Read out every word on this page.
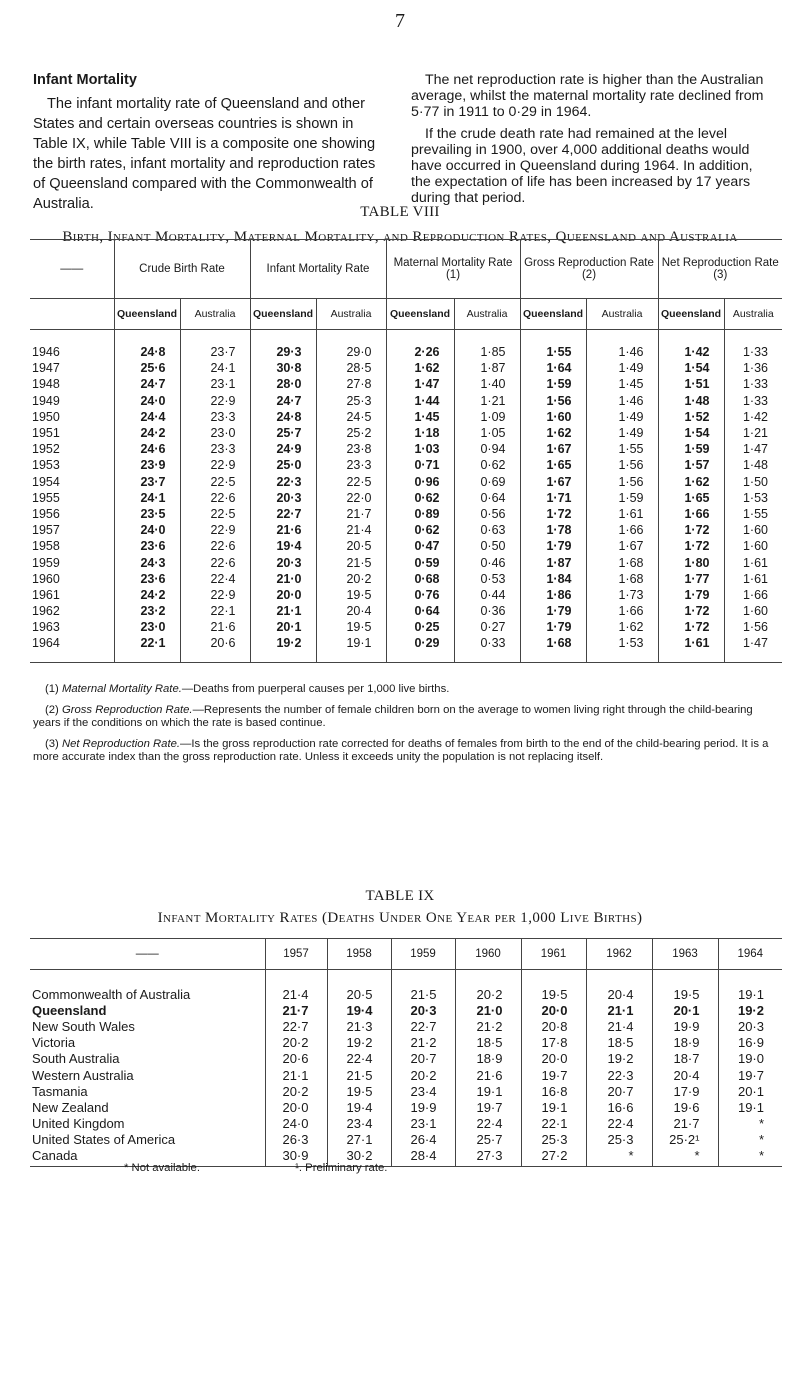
7
Infant Mortality

The infant mortality rate of Queensland and other States and certain overseas countries is shown in Table IX, while Table VIII is a composite one showing the birth rates, infant mortality and reproduction rates of Queensland compared with the Commonwealth of Australia.

The net reproduction rate is higher than the Australian average, whilst the maternal mortality rate declined from 5·77 in 1911 to 0·29 in 1964.

If the crude death rate had remained at the level prevailing in 1900, over 4,000 additional deaths would have occurred in Queensland during 1964. In addition, the expectation of life has been increased by 17 years during that period.

TABLE VIII
Birth, Infant Mortality, Maternal Mortality, and Reproduction Rates, Queensland and Australia
——	Crude Birth Rate		Infant Mortality Rate		Maternal Mortality Rate (1)		Gross Reproduction Rate (2)		Net Reproduction Rate (3)	
	Queensland	Australia	Queensland	Australia	Queensland	Australia	Queensland	Australia	Queensland	Australia
1946	24·8	23·7	29·3	29·0	2·26	1·85	1·55	1·46	1·42	1·33
1947	25·6	24·1	30·8	28·5	1·62	1·87	1·64	1·49	1·54	1·36
1948	24·7	23·1	28·0	27·8	1·47	1·40	1·59	1·45	1·51	1·33
1949	24·0	22·9	24·7	25·3	1·44	1·21	1·56	1·46	1·48	1·33
1950	24·4	23·3	24·8	24·5	1·45	1·09	1·60	1·49	1·52	1·42
1951	24·2	23·0	25·7	25·2	1·18	1·05	1·62	1·49	1·54	1·21
1952	24·6	23·3	24·9	23·8	1·03	0·94	1·67	1·55	1·59	1·47
1953	23·9	22·9	25·0	23·3	0·71	0·62	1·65	1·56	1·57	1·48
1954	23·7	22·5	22·3	22·5	0·96	0·69	1·67	1·56	1·62	1·50
1955	24·1	22·6	20·3	22·0	0·62	0·64	1·71	1·59	1·65	1·53
1956	23·5	22·5	22·7	21·7	0·89	0·56	1·72	1·61	1·66	1·55
1957	24·0	22·9	21·6	21·4	0·62	0·63	1·78	1·66	1·72	1·60
1958	23·6	22·6	19·4	20·5	0·47	0·50	1·79	1·67	1·72	1·60
1959	24·3	22·6	20·3	21·5	0·59	0·46	1·87	1·68	1·80	1·61
1960	23·6	22·4	21·0	20·2	0·68	0·53	1·84	1·68	1·77	1·61
1961	24·2	22·9	20·0	19·5	0·76	0·44	1·86	1·73	1·79	1·66
1962	23·2	22·1	21·1	20·4	0·64	0·36	1·79	1·66	1·72	1·60
1963	23·0	21·6	20·1	19·5	0·25	0·27	1·79	1·62	1·72	1·56
1964	22·1	20·6	19·2	19·1	0·29	0·33	1·68	1·53	1·61	1·47

(1) Maternal Mortality Rate.—Deaths from puerperal causes per 1,000 live births.

(2) Gross Reproduction Rate.—Represents the number of female children born on the average to women living right through the child-bearing years if the conditions on which the rate is based continue.

(3) Net Reproduction Rate.—Is the gross reproduction rate corrected for deaths of females from birth to the end of the child-bearing period. It is a more accurate index than the gross reproduction rate. Unless it exceeds unity the population is not replacing itself.

TABLE IX
Infant Mortality Rates (Deaths Under One Year per 1,000 Live Births)
——	1957	1958	1959	1960	1961	1962	1963	1964
Commonwealth of Australia	21·4	20·5	21·5	20·2	19·5	20·4	19·5	19·1
Queensland	21·7	19·4	20·3	21·0	20·0	21·1	20·1	19·2
New South Wales	22·7	21·3	22·7	21·2	20·8	21·4	19·9	20·3
Victoria	20·2	19·2	21·2	18·5	17·8	18·5	18·9	16·9
South Australia	20·6	22·4	20·7	18·9	20·0	19·2	18·7	19·0
Western Australia	21·1	21·5	20·2	21·6	19·7	22·3	20·4	19·7
Tasmania	20·2	19·5	23·4	19·1	16·8	20·7	17·9	20·1
New Zealand	20·0	19·4	19·9	19·7	19·1	16·6	19·6	19·1
United Kingdom	24·0	23·4	23·1	22·4	22·1	22·4	21·7	*
United States of America	26·3	27·1	26·4	25·7	25·3	25·3	25·2¹	*
Canada	30·9	30·2	28·4	27·3	27·2	*	*	*
* Not available.	¹. Preliminary rate.
